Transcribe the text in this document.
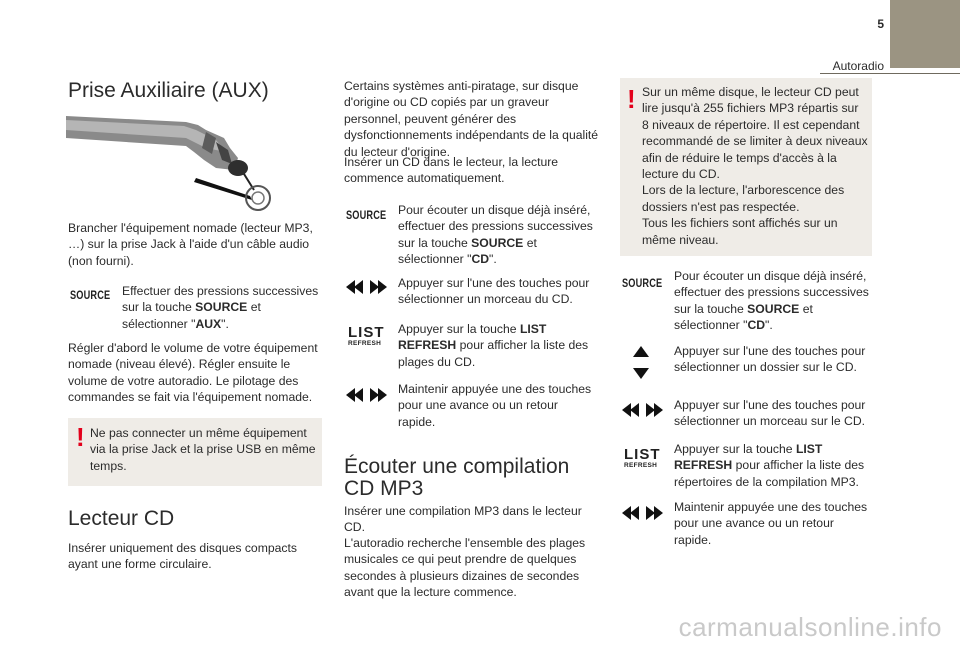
5
Autoradio
Prise Auxiliaire (AUX)

Brancher l'équipement nomade (lecteur MP3, …) sur la prise Jack à l'aide d'un câble audio (non fourni).

SOURCE Effectuer des pressions successives
sur la touche SOURCE et
sélectionner "AUX".

Régler d'abord le volume de votre équipement nomade (niveau élevé). Régler ensuite le volume de votre autoradio. Le pilotage des commandes se fait via l'équipement nomade.

! Ne pas connecter un même équipement via la prise Jack et la prise USB en même temps.

Lecteur CD

Insérer uniquement des disques compacts ayant une forme circulaire.

Certains systèmes anti-piratage, sur disque d'origine ou CD copiés par un graveur personnel, peuvent générer des dysfonctionnements indépendants de la qualité du lecteur d'origine.

Insérer un CD dans le lecteur, la lecture commence automatiquement.

SOURCE Pour écouter un disque déjà inséré, effectuer des pressions successives sur la touche SOURCE et sélectionner "CD".

Appuyer sur l'une des touches pour sélectionner un morceau du CD.

LIST
REFRESH

Appuyer sur la touche LIST REFRESH pour afficher la liste des plages du CD.

Maintenir appuyée une des touches pour une avance ou un retour rapide.

Écouter une compilation CD MP3

Insérer une compilation MP3 dans le lecteur CD.

L'autoradio recherche l'ensemble des plages musicales ce qui peut prendre de quelques secondes à plusieurs dizaines de secondes avant que la lecture commence.

! Sur un même disque, le lecteur CD peut lire jusqu'à 255 fichiers MP3 répartis sur 8 niveaux de répertoire. Il est cependant recommandé de se limiter à deux niveaux afin de réduire le temps d'accès à la lecture du CD.
Lors de la lecture, l'arborescence des dossiers n'est pas respectée.
Tous les fichiers sont affichés sur un même niveau.

SOURCE

Pour écouter un disque déjà inséré, effectuer des pressions successives sur la touche SOURCE et sélectionner "CD".

Appuyer sur l'une des touches pour sélectionner un dossier sur le CD.

Appuyer sur l'une des touches pour sélectionner un morceau sur le CD.

LIST
REFRESH

Appuyer sur la touche LIST REFRESH pour afficher la liste des répertoires de la compilation MP3.

Maintenir appuyée une des touches pour une avance ou un retour rapide.

carmanualsonline.info
